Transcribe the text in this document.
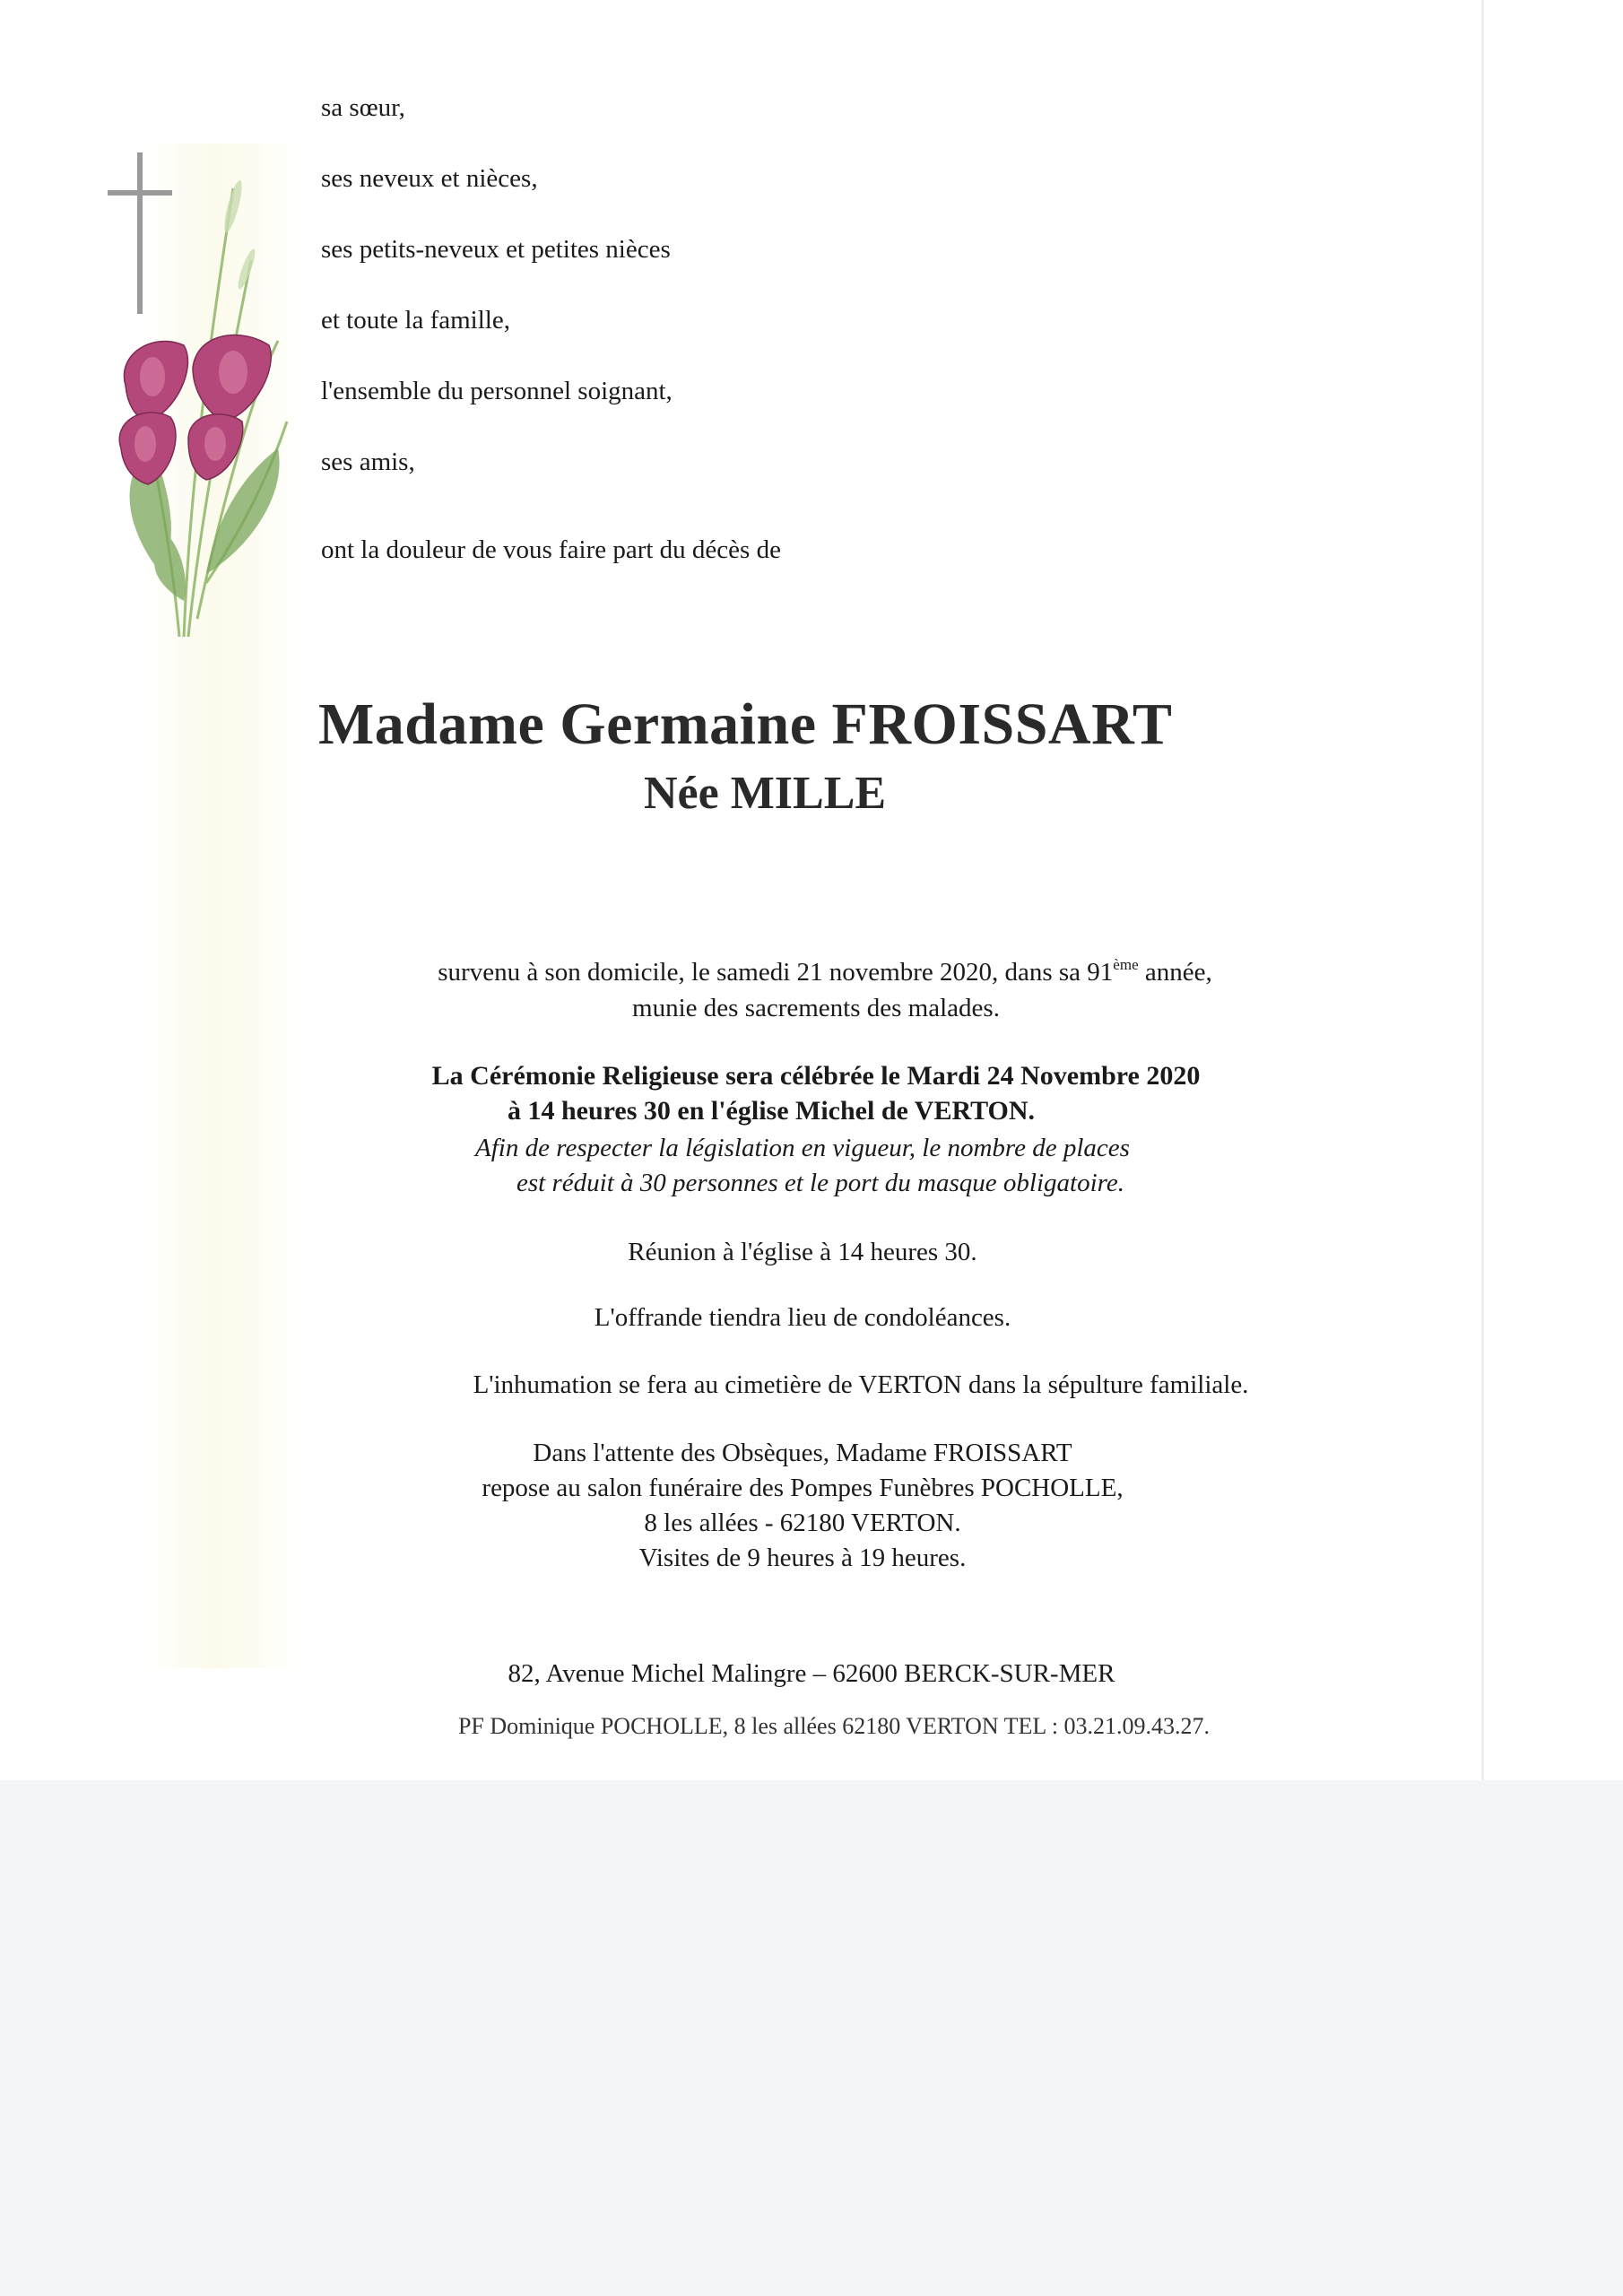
sa sœur,
ses neveux et nièces,
ses petits-neveux et petites nièces
et toute la famille,
l'ensemble du personnel soignant,
ses amis,
ont la douleur de vous faire part du décès de
Madame Germaine FROISSART
Née MILLE
survenu à son domicile, le samedi 21 novembre 2020, dans sa 91ème année,
munie des sacrements des malades.
La Cérémonie Religieuse sera célébrée le Mardi 24 Novembre 2020
à 14 heures 30 en l'église Michel de VERTON.
Afin de respecter la législation en vigueur, le nombre de places
est réduit à 30 personnes et le port du masque obligatoire.
Réunion à l'église à 14 heures 30.
L'offrande tiendra lieu de condoléances.
L'inhumation se fera au cimetière de VERTON dans la sépulture familiale.
Dans l'attente des Obsèques, Madame FROISSART
repose au salon funéraire des Pompes Funèbres POCHOLLE,
8 les allées - 62180 VERTON.
Visites de 9 heures à 19 heures.
82, Avenue Michel Malingre – 62600 BERCK-SUR-MER
PF Dominique POCHOLLE, 8 les allées 62180 VERTON TEL : 03.21.09.43.27.
